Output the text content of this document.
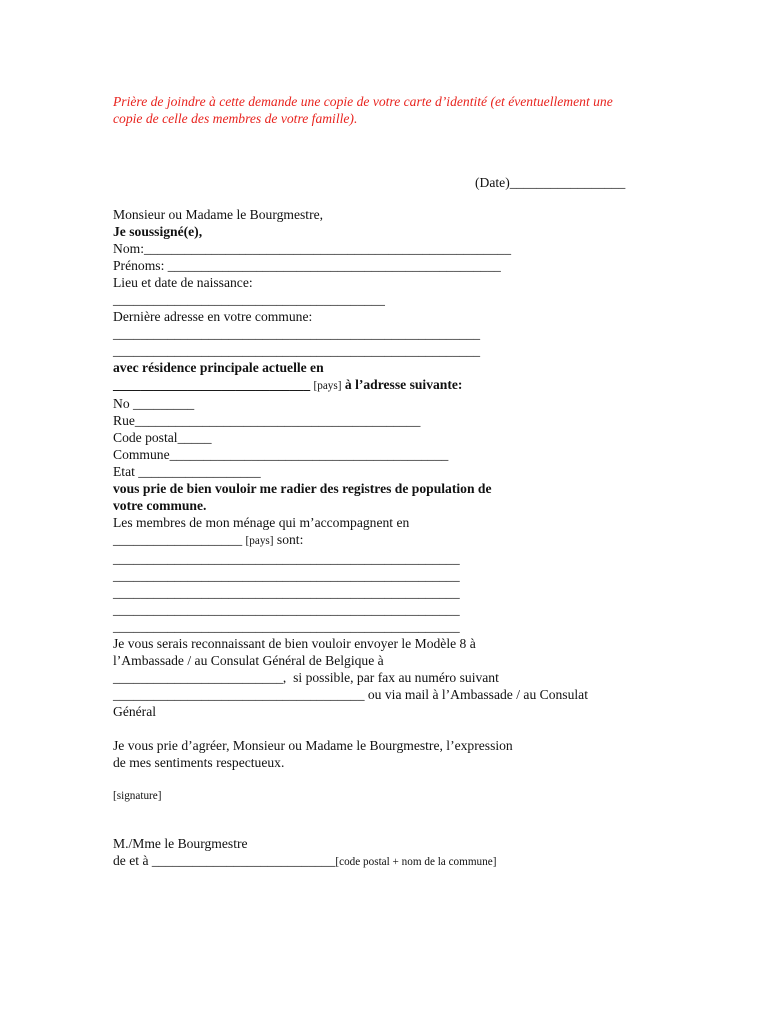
Prière de joindre à cette demande une copie de votre carte d’identité (et éventuellement une

copie de celle des membres de votre famille).

(Date)_________________

Monsieur ou Madame le Bourgmestre,

Je soussigné(e),

Nom:______________________________________________________

Prénoms: _________________________________________________

Lieu et date de naissance:

________________________________________

Dernière adresse en votre commune:

______________________________________________________

______________________________________________________

avec résidence principale actuelle en

_____________________________ [pays] à l’adresse suivante:

No _________

Rue__________________________________________

Code postal_____

Commune_________________________________________

Etat __________________

vous prie de bien vouloir me radier des registres de population de

votre commune.

Les membres de mon ménage qui m’accompagnent en

___________________ [pays] sont:

___________________________________________________

___________________________________________________

___________________________________________________

___________________________________________________

___________________________________________________

Je vous serais reconnaissant de bien vouloir envoyer le Modèle 8 à

l’Ambassade / au Consulat Général de Belgique à

_________________________,  si possible, par fax au numéro suivant

_____________________________________ ou via mail à l’Ambassade / au Consulat

Général

Je vous prie d’agréer, Monsieur ou Madame le Bourgmestre, l’expression

de mes sentiments respectueux.

[signature]

M./Mme le Bourgmestre

de et à ___________________________[code postal + nom de la commune]
